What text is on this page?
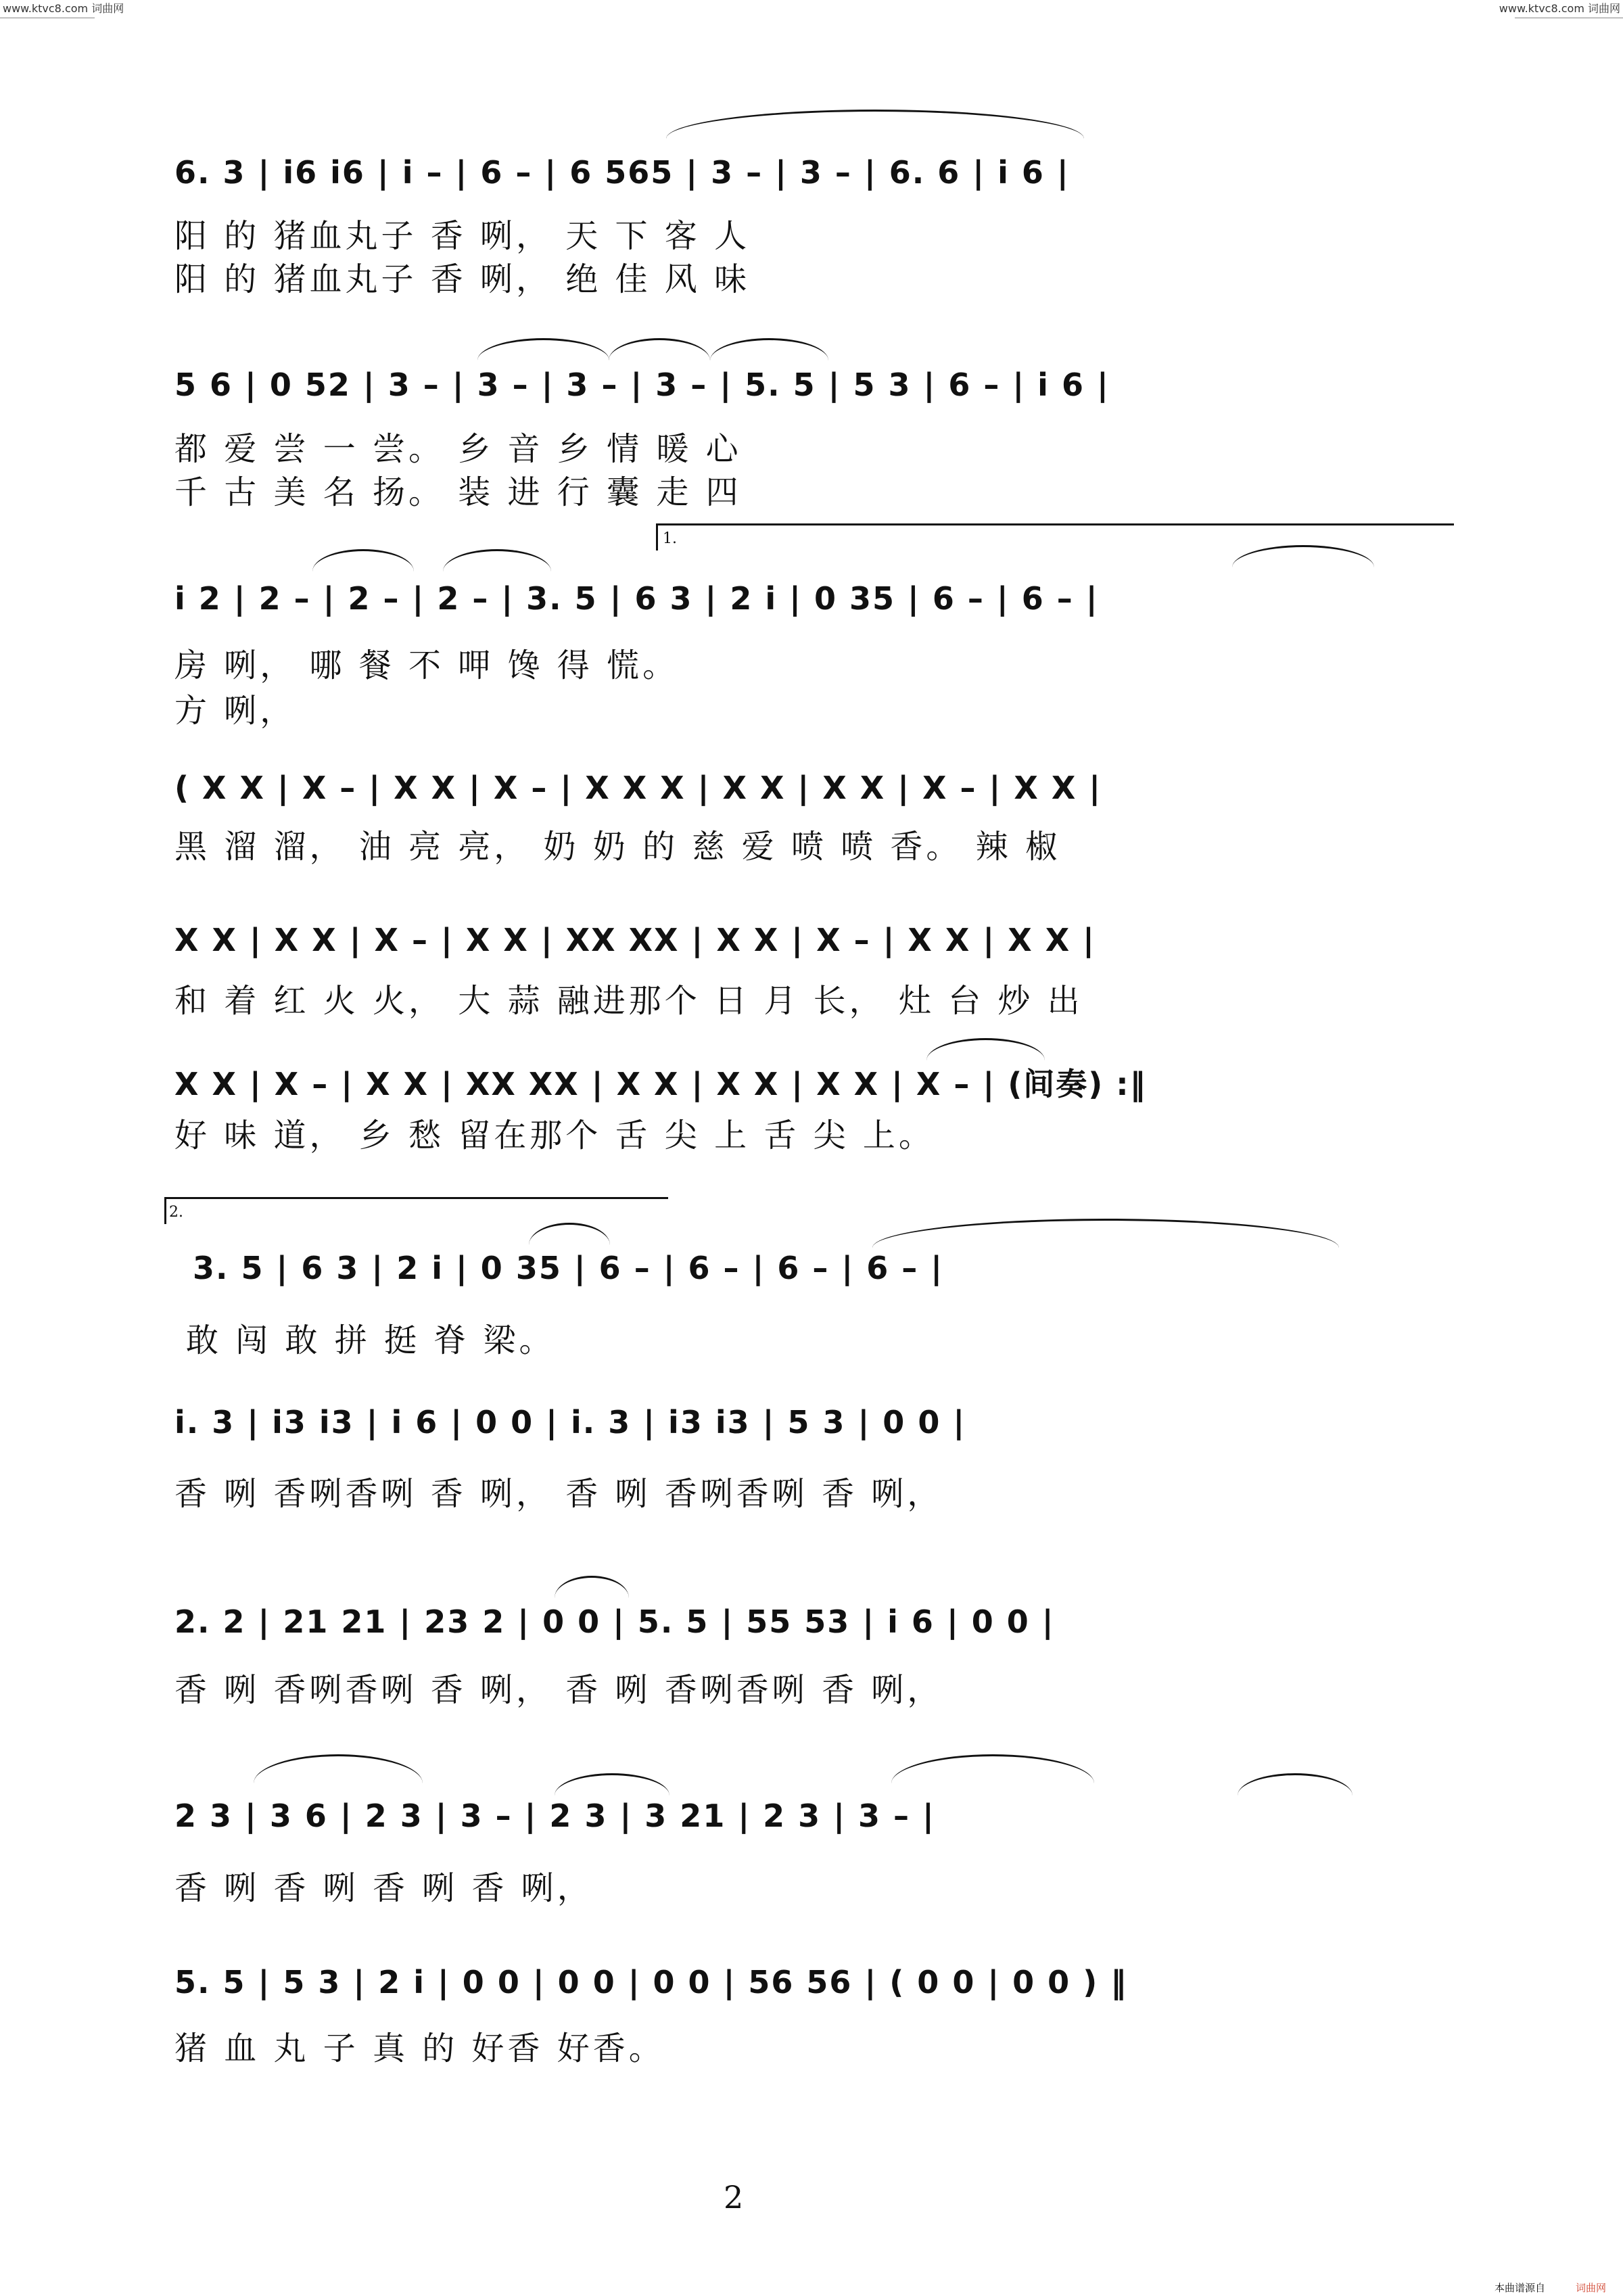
www.ktvc8.com 词曲网	www.ktvc8.com 词曲网
6. 3 | i6 i6 | i – | 6 – | 6 565 | 3 – | 3 – | 6. 6 | i 6 |
阳 的 猪血丸子 香 咧， 天 下 客 人
阳 的 猪血丸子 香 咧， 绝 佳 风 味
5 6 | 0 52 | 3 – | 3 – | 3 – | 3 – | 5. 5 | 5 3 | 6 – | i 6 |
都 爱 尝 一 尝。 乡 音 乡 情 暖 心
千 古 美 名 扬。 装 进 行 囊 走 四
1.
i 2 | 2 – | 2 – | 2 – | 3. 5 | 6 3 | 2 i | 0 35 | 6 – | 6 – |
房 咧， 哪 餐 不 呷 馋 得 慌。
方 咧，
( X X | X – | X X | X – | X X X | X X | X X | X – | X X |
黑 溜 溜， 油 亮 亮， 奶 奶 的 慈 爱 喷 喷 香。 辣 椒
X X | X X | X – | X X | XX XX | X X | X – | X X | X X |
和 着 红 火 火， 大 蒜 融进那个 日 月 长， 灶 台 炒 出
X X | X – | X X | XX XX | X X | X X | X X | X – | (间奏) :‖
好 味 道， 乡 愁 留在那个 舌 尖 上 舌 尖 上。
2.
3. 5 | 6 3 | 2 i | 0 35 | 6 – | 6 – | 6 – | 6 – |
敢 闯 敢 拼 挺 脊 梁。
i. 3 | i3 i3 | i 6 | 0 0 | i. 3 | i3 i3 | 5 3 | 0 0 |
香 咧 香咧香咧 香 咧， 香 咧 香咧香咧 香 咧，
2. 2 | 21 21 | 23 2 | 0 0 | 5. 5 | 55 53 | i 6 | 0 0 |
香 咧 香咧香咧 香 咧， 香 咧 香咧香咧 香 咧，
2 3 | 3 6 | 2 3 | 3 – | 2 3 | 3 21 | 2 3 | 3 – |
香 咧 香 咧 香 咧 香 咧，
5. 5 | 5 3 | 2 i | 0 0 | 0 0 | 0 0 | 56 56 | ( 0 0 | 0 0 ) ‖
猪 血 丸 子 真 的 好香 好香。
2
本曲谱源自	词曲网
